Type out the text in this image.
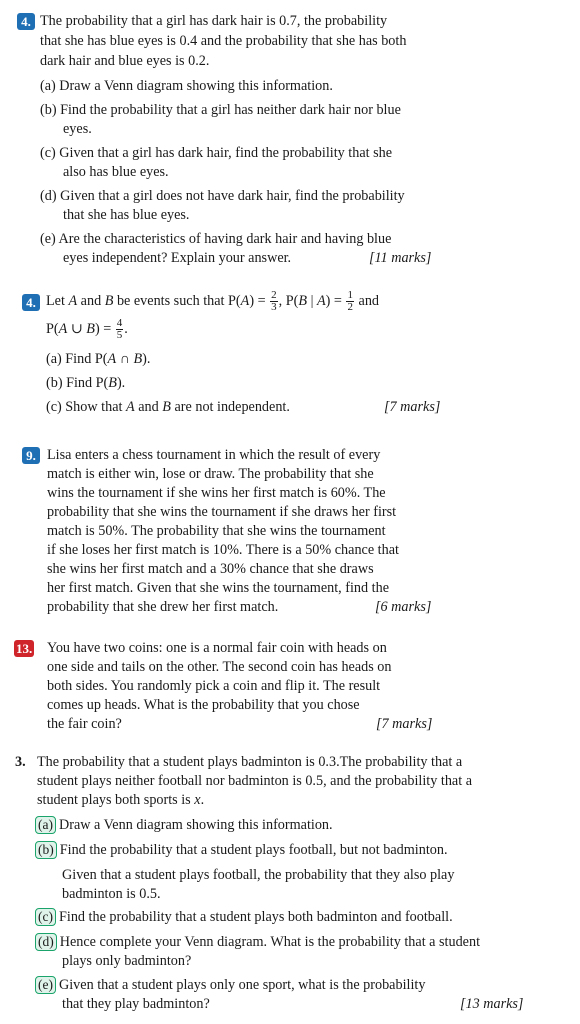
4. The probability that a girl has dark hair is 0.7, the probability
that she has blue eyes is 0.4 and the probability that she has both
dark hair and blue eyes is 0.2.
(a) Draw a Venn diagram showing this information.
(b) Find the probability that a girl has neither dark hair nor blue
eyes.
(c) Given that a girl has dark hair, find the probability that she
also has blue eyes.
(d) Given that a girl does not have dark hair, find the probability
that she has blue eyes.
(e) Are the characteristics of having dark hair and having blue
eyes independent? Explain your answer.	[11 marks]
4. Let A and B be events such that $P(A) = \frac{2}{3}$ , P(B | $A) = \frac{1}{2}$ and
P(A ∪ $B) = \frac{4}{5}$ .
(a) Find P(A ∩ B).
(b) Find P(B).
(c) Show that A and B are not independent.	[7 marks]
9. Lisa enters a chess tournament in which the result of every
match is either win, lose or draw. The probability that she
wins the tournament if she wins her first match is 60%. The
probability that she wins the tournament if she draws her first
match is 50%. The probability that she wins the tournament
if she loses her first match is 10%. There is a 50% chance that
she wins her first match and a 30% chance that she draws
her first match. Given that she wins the tournament, find the
probability that she drew her first match.	[6 marks]
13. You have two coins: one is a normal fair coin with heads on
one side and tails on the other. The second coin has heads on
both sides. You randomly pick a coin and flip it. The result
comes up heads. What is the probability that you chose
the fair coin?	[7 marks]
3. The probability that a student plays badminton is 0.3.The probability that a
student plays neither football nor badminton is 0.5, and the probability that a
student plays both sports is x.
(a) Draw a Venn diagram showing this information.
(b) Find the probability that a student plays football, but not badminton.
Given that a student plays football, the probability that they also play
badminton is 0.5.
(c) Find the probability that a student plays both badminton and football.
(d) Hence complete your Venn diagram. What is the probability that a student
plays only badminton?
(e) Given that a student plays only one sport, what is the probability
that they play badminton?	[13 marks]
